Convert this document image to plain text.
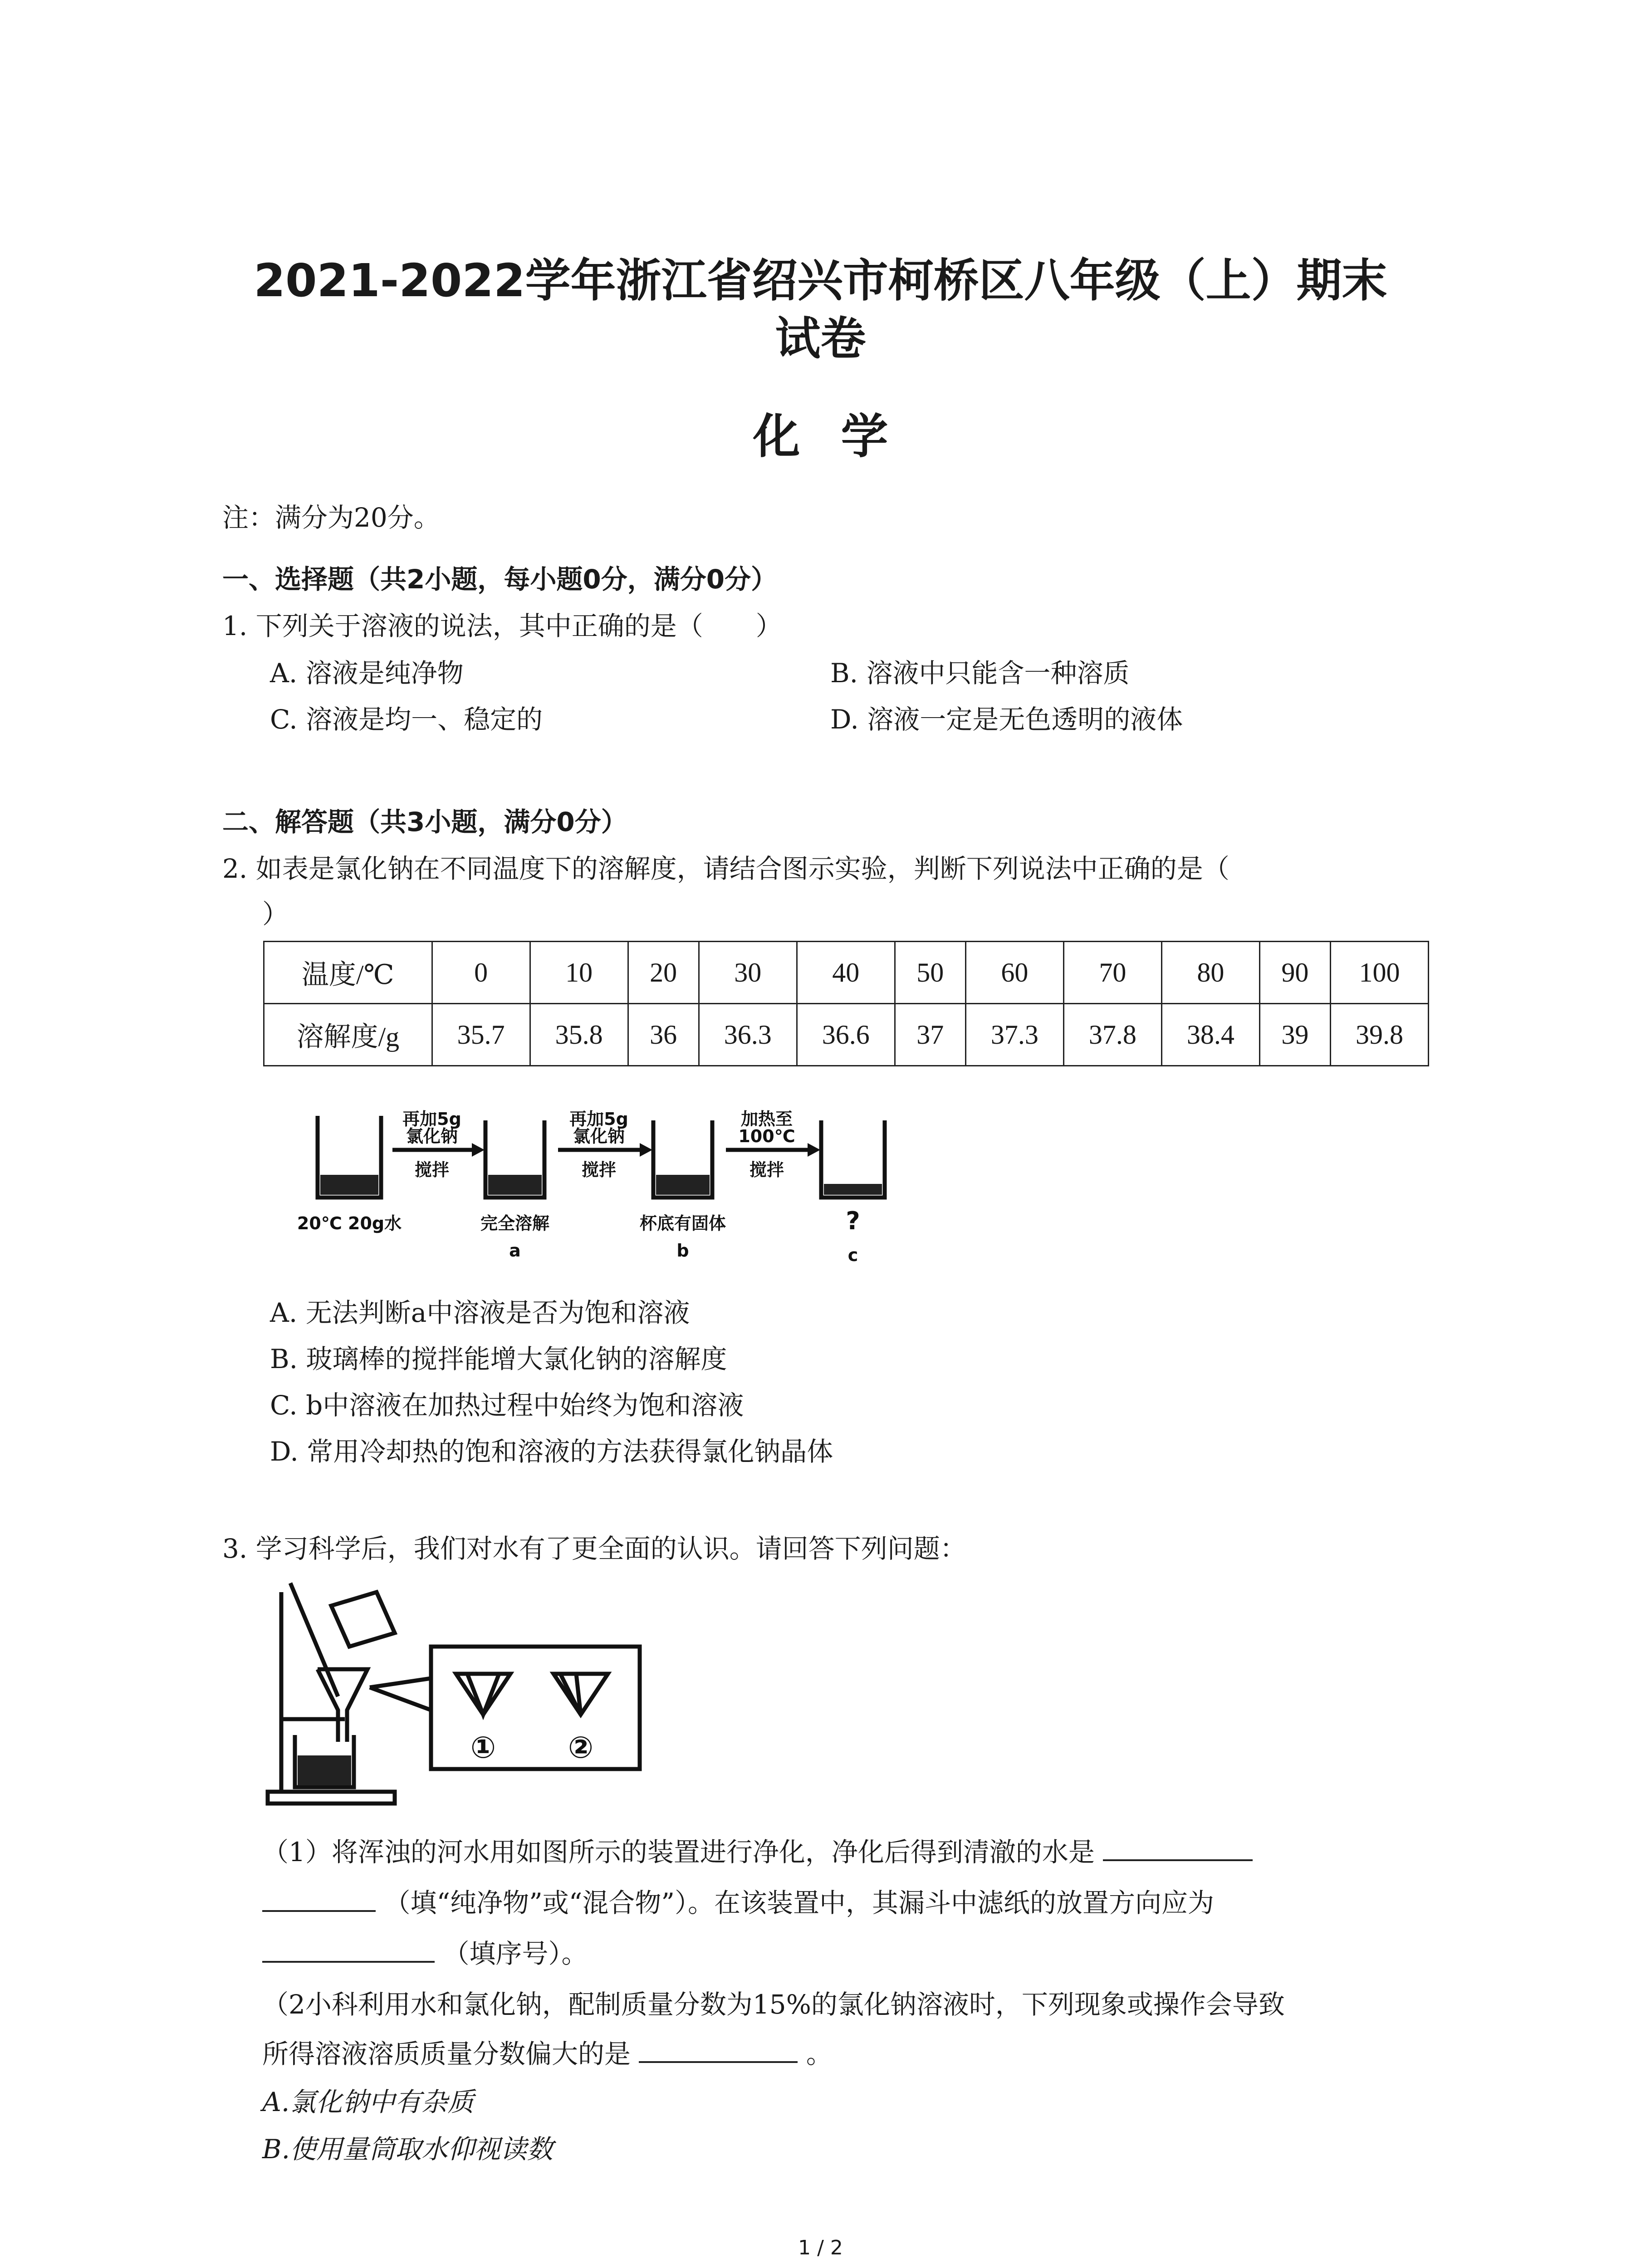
2021-2022学年浙江省绍兴市柯桥区八年级（上）期末
试卷
化学
注：满分为20分。
一、选择题（共2小题，每小题0分，满分0分）
1. 下列关于溶液的说法，其中正确的是（　　）
A. 溶液是纯净物	B. 溶液中只能含一种溶质
C. 溶液是均一、稳定的	D. 溶液一定是无色透明的液体
二、解答题（共3小题，满分0分）
2. 如表是氯化钠在不同温度下的溶解度，请结合图示实验，判断下列说法中正确的是（
）
温度/℃	0	10	20	30	40	50	60	70	80	90	100
溶解度/g	35.7	35.8	36	36.3	36.6	37	37.3	37.8	38.4	39	39.8
再加5g
氯化钠
搅拌
再加5g
氯化钠
搅拌
加热至
100℃
搅拌
20℃ 20g水	完全溶解
a
杯底有固体
b
?
c
A. 无法判断a中溶液是否为饱和溶液
B. 玻璃棒的搅拌能增大氯化钠的溶解度
C. b中溶液在加热过程中始终为饱和溶液
D. 常用冷却热的饱和溶液的方法获得氯化钠晶体
3. 学习科学后，我们对水有了更全面的认识。请回答下列问题：
① ②
（1）将浑浊的河水用如图所示的装置进行净化，净化后得到清澈的水是
（填“纯净物”或“混合物”）。在该装置中，其漏斗中滤纸的放置方向应为
（填序号）。
（2小科利用水和氯化钠，配制质量分数为15%的氯化钠溶液时，下列现象或操作会导致
所得溶液溶质质量分数偏大的是	。
A.氯化钠中有杂质
B.使用量筒取水仰视读数
1 / 2
